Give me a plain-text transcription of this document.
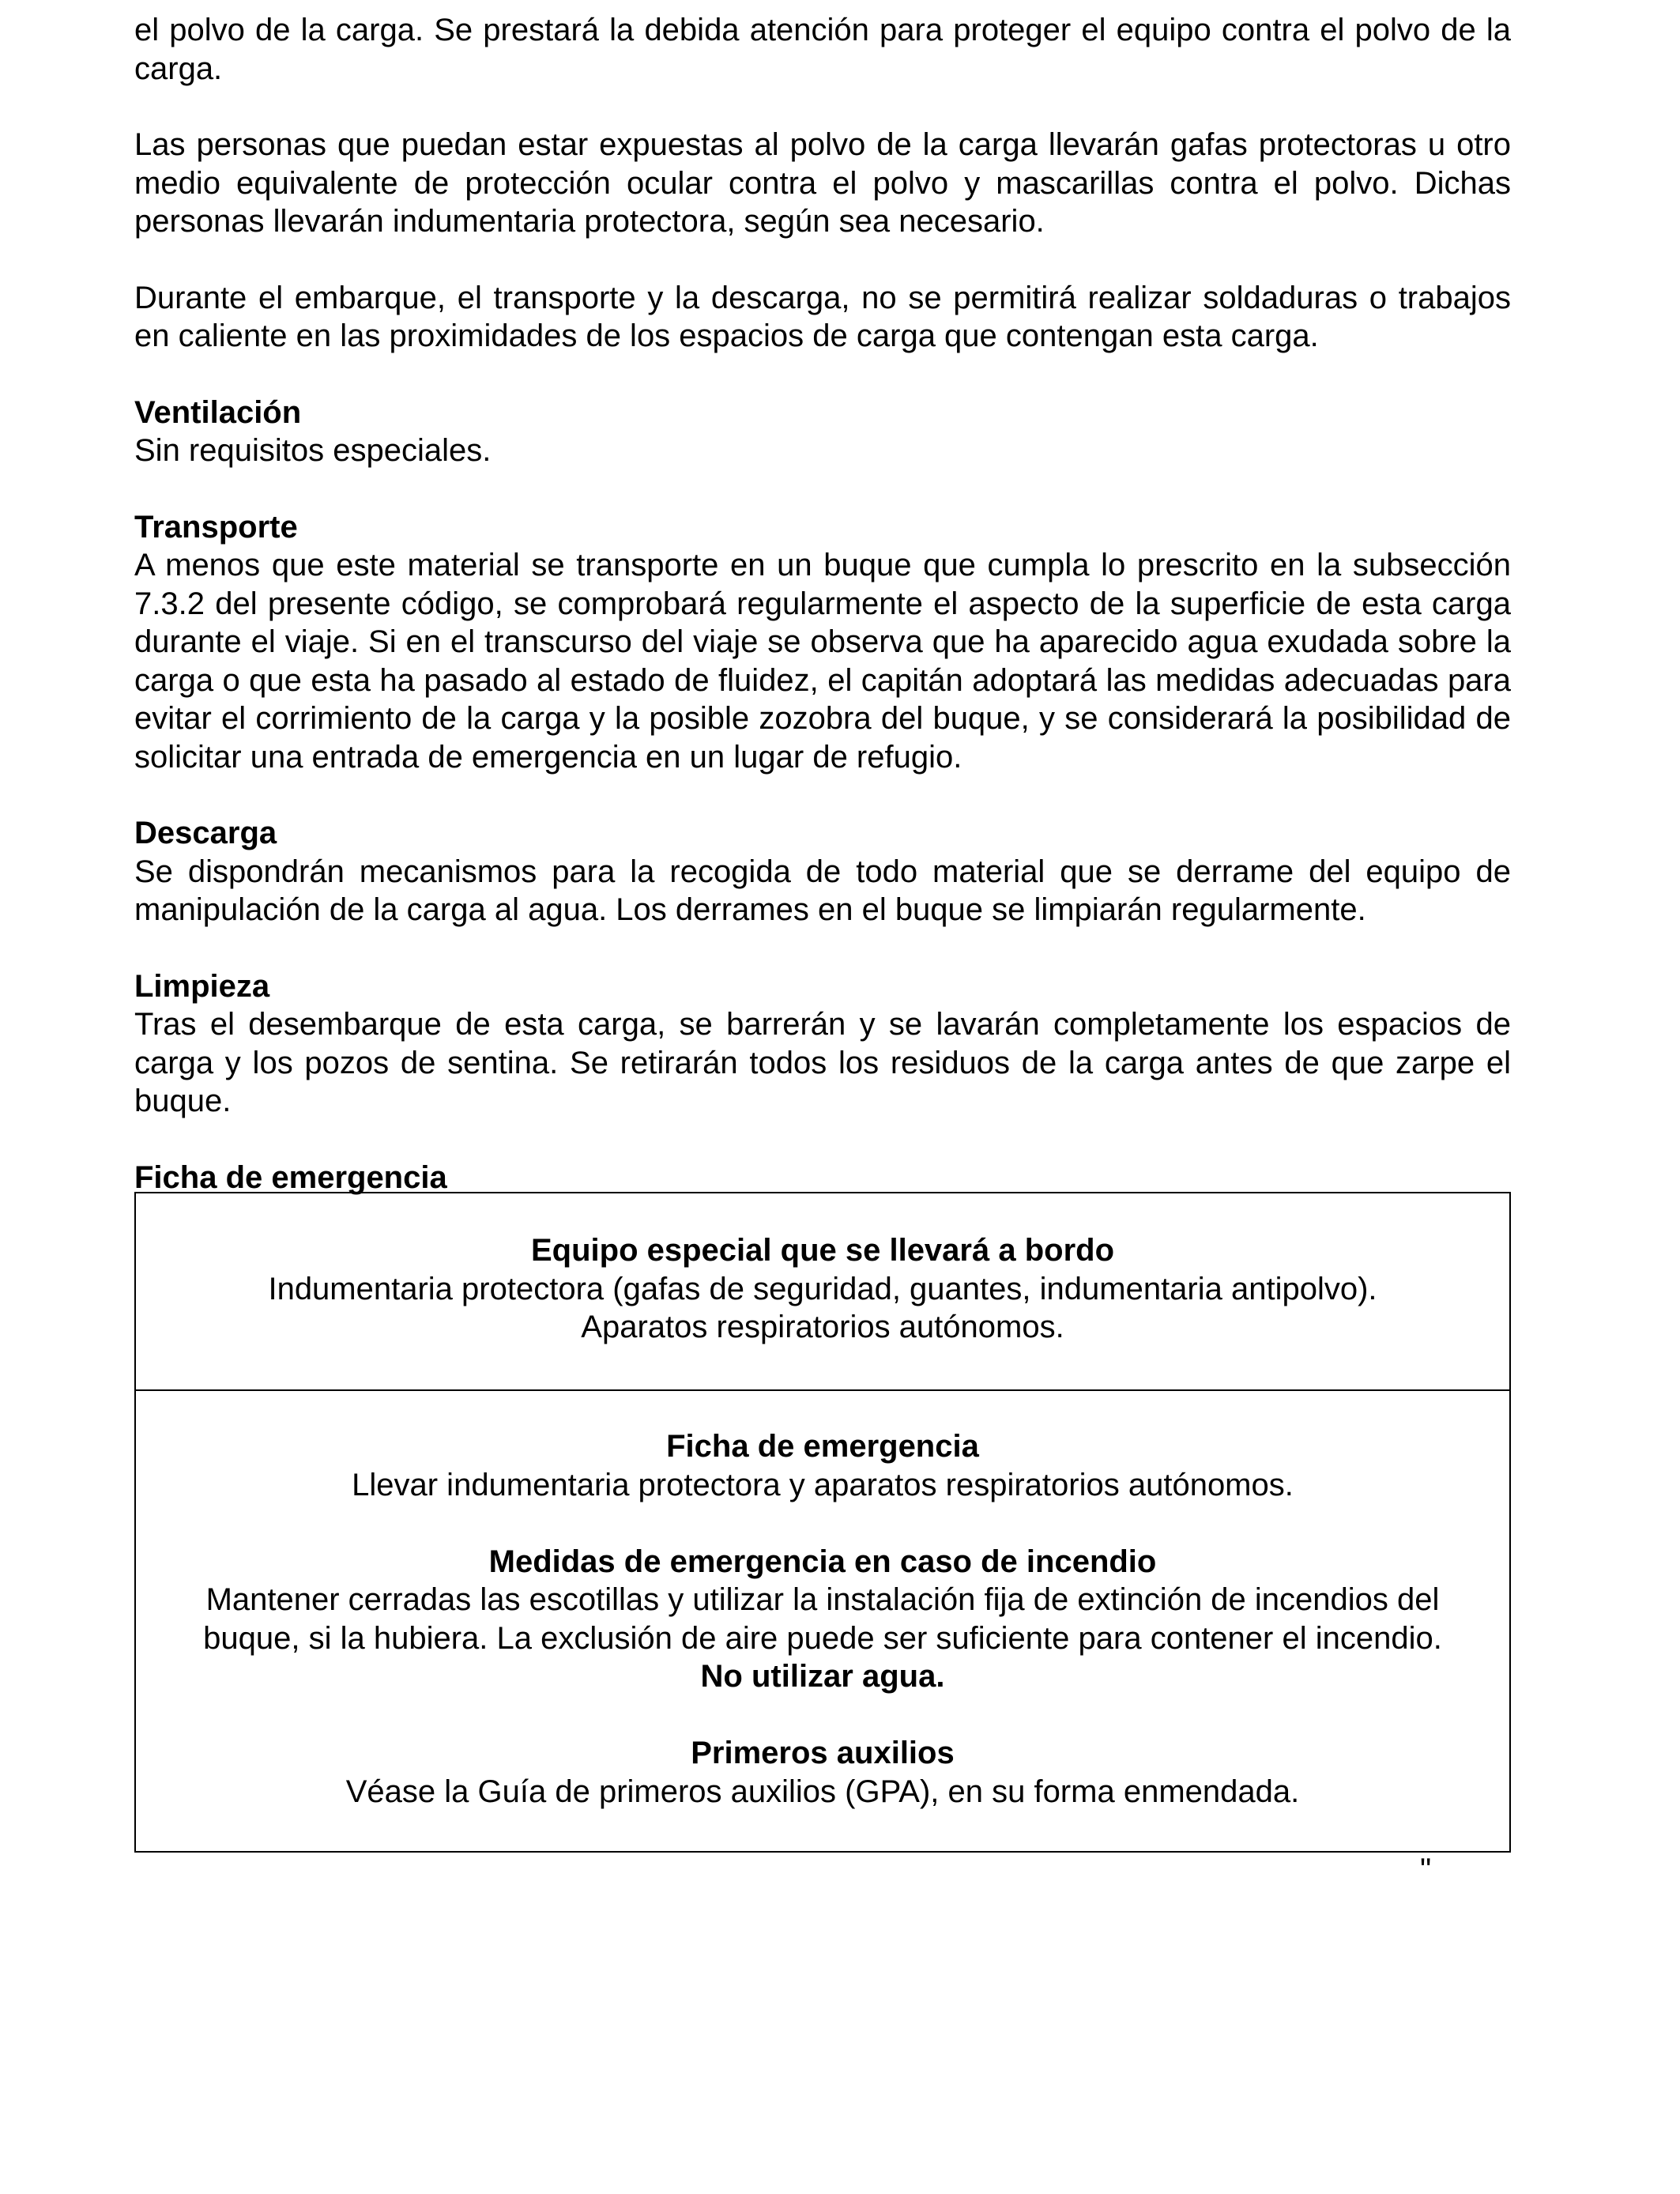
el polvo de la carga. Se prestará la debida atención para proteger el equipo contra el polvo de la carga.

Las personas que puedan estar expuestas al polvo de la carga llevarán gafas protectoras u otro medio equivalente de protección ocular contra el polvo y mascarillas contra el polvo. Dichas personas llevarán indumentaria protectora, según sea necesario.

Durante el embarque, el transporte y la descarga, no se permitirá realizar soldaduras o trabajos en caliente en las proximidades de los espacios de carga que contengan esta carga.

Ventilación

Sin requisitos especiales.

Transporte

A menos que este material se transporte en un buque que cumpla lo prescrito en la subsección 7.3.2 del presente código, se comprobará regularmente el aspecto de la superficie de esta carga durante el viaje. Si en el transcurso del viaje se observa que ha aparecido agua exudada sobre la carga o que esta ha pasado al estado de fluidez, el capitán adoptará las medidas adecuadas para evitar el corrimiento de la carga y la posible zozobra del buque, y se considerará la posibilidad de solicitar una entrada de emergencia en un lugar de refugio.

Descarga

Se dispondrán mecanismos para la recogida de todo material que se derrame del equipo de manipulación de la carga al agua. Los derrames en el buque se limpiarán regularmente.

Limpieza

Tras el desembarque de esta carga, se barrerán y se lavarán completamente los espacios de carga y los pozos de sentina. Se retirarán todos los residuos de la carga antes de que zarpe el buque.

Ficha de emergencia
Equipo especial que se llevará a bordo
Indumentaria protectora (gafas de seguridad, guantes, indumentaria antipolvo).
Aparatos respiratorios autónomos.
Ficha de emergencia
Llevar indumentaria protectora y aparatos respiratorios autónomos.
Medidas de emergencia en caso de incendio
Mantener cerradas las escotillas y utilizar la instalación fija de extinción de incendios del
buque, si la hubiera. La exclusión de aire puede ser suficiente para contener el incendio.
No utilizar agua.
Primeros auxilios
Véase la Guía de primeros auxilios (GPA), en su forma enmendada.
"
